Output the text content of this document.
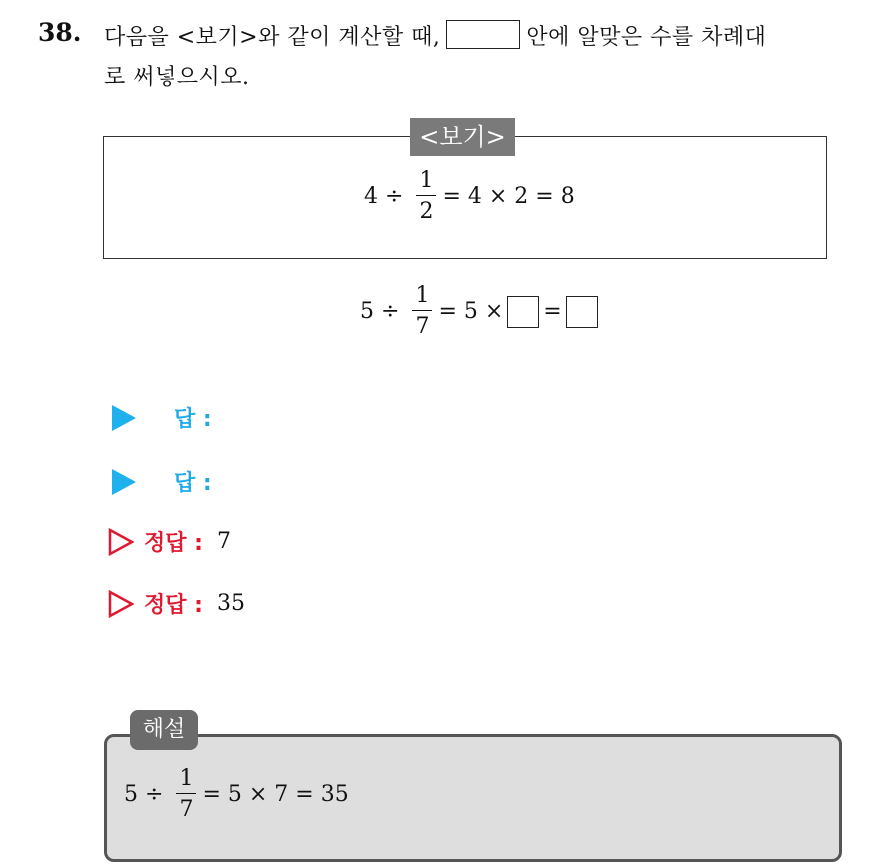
38. 다음을 <보기>와 같이 계산할 때,	안에 알맞은 수를 차례대
로 써넣으시오.
<보기>
$4 \div \frac{1}{2} = 4 \times 2 = 8$
$5 \div \frac{1}{7} = 5$ × =
답 :
답 :
정답 : 7
정답 : 35
해설
$5 \div \frac{1}{7} = 5 \times 7 = 35$
